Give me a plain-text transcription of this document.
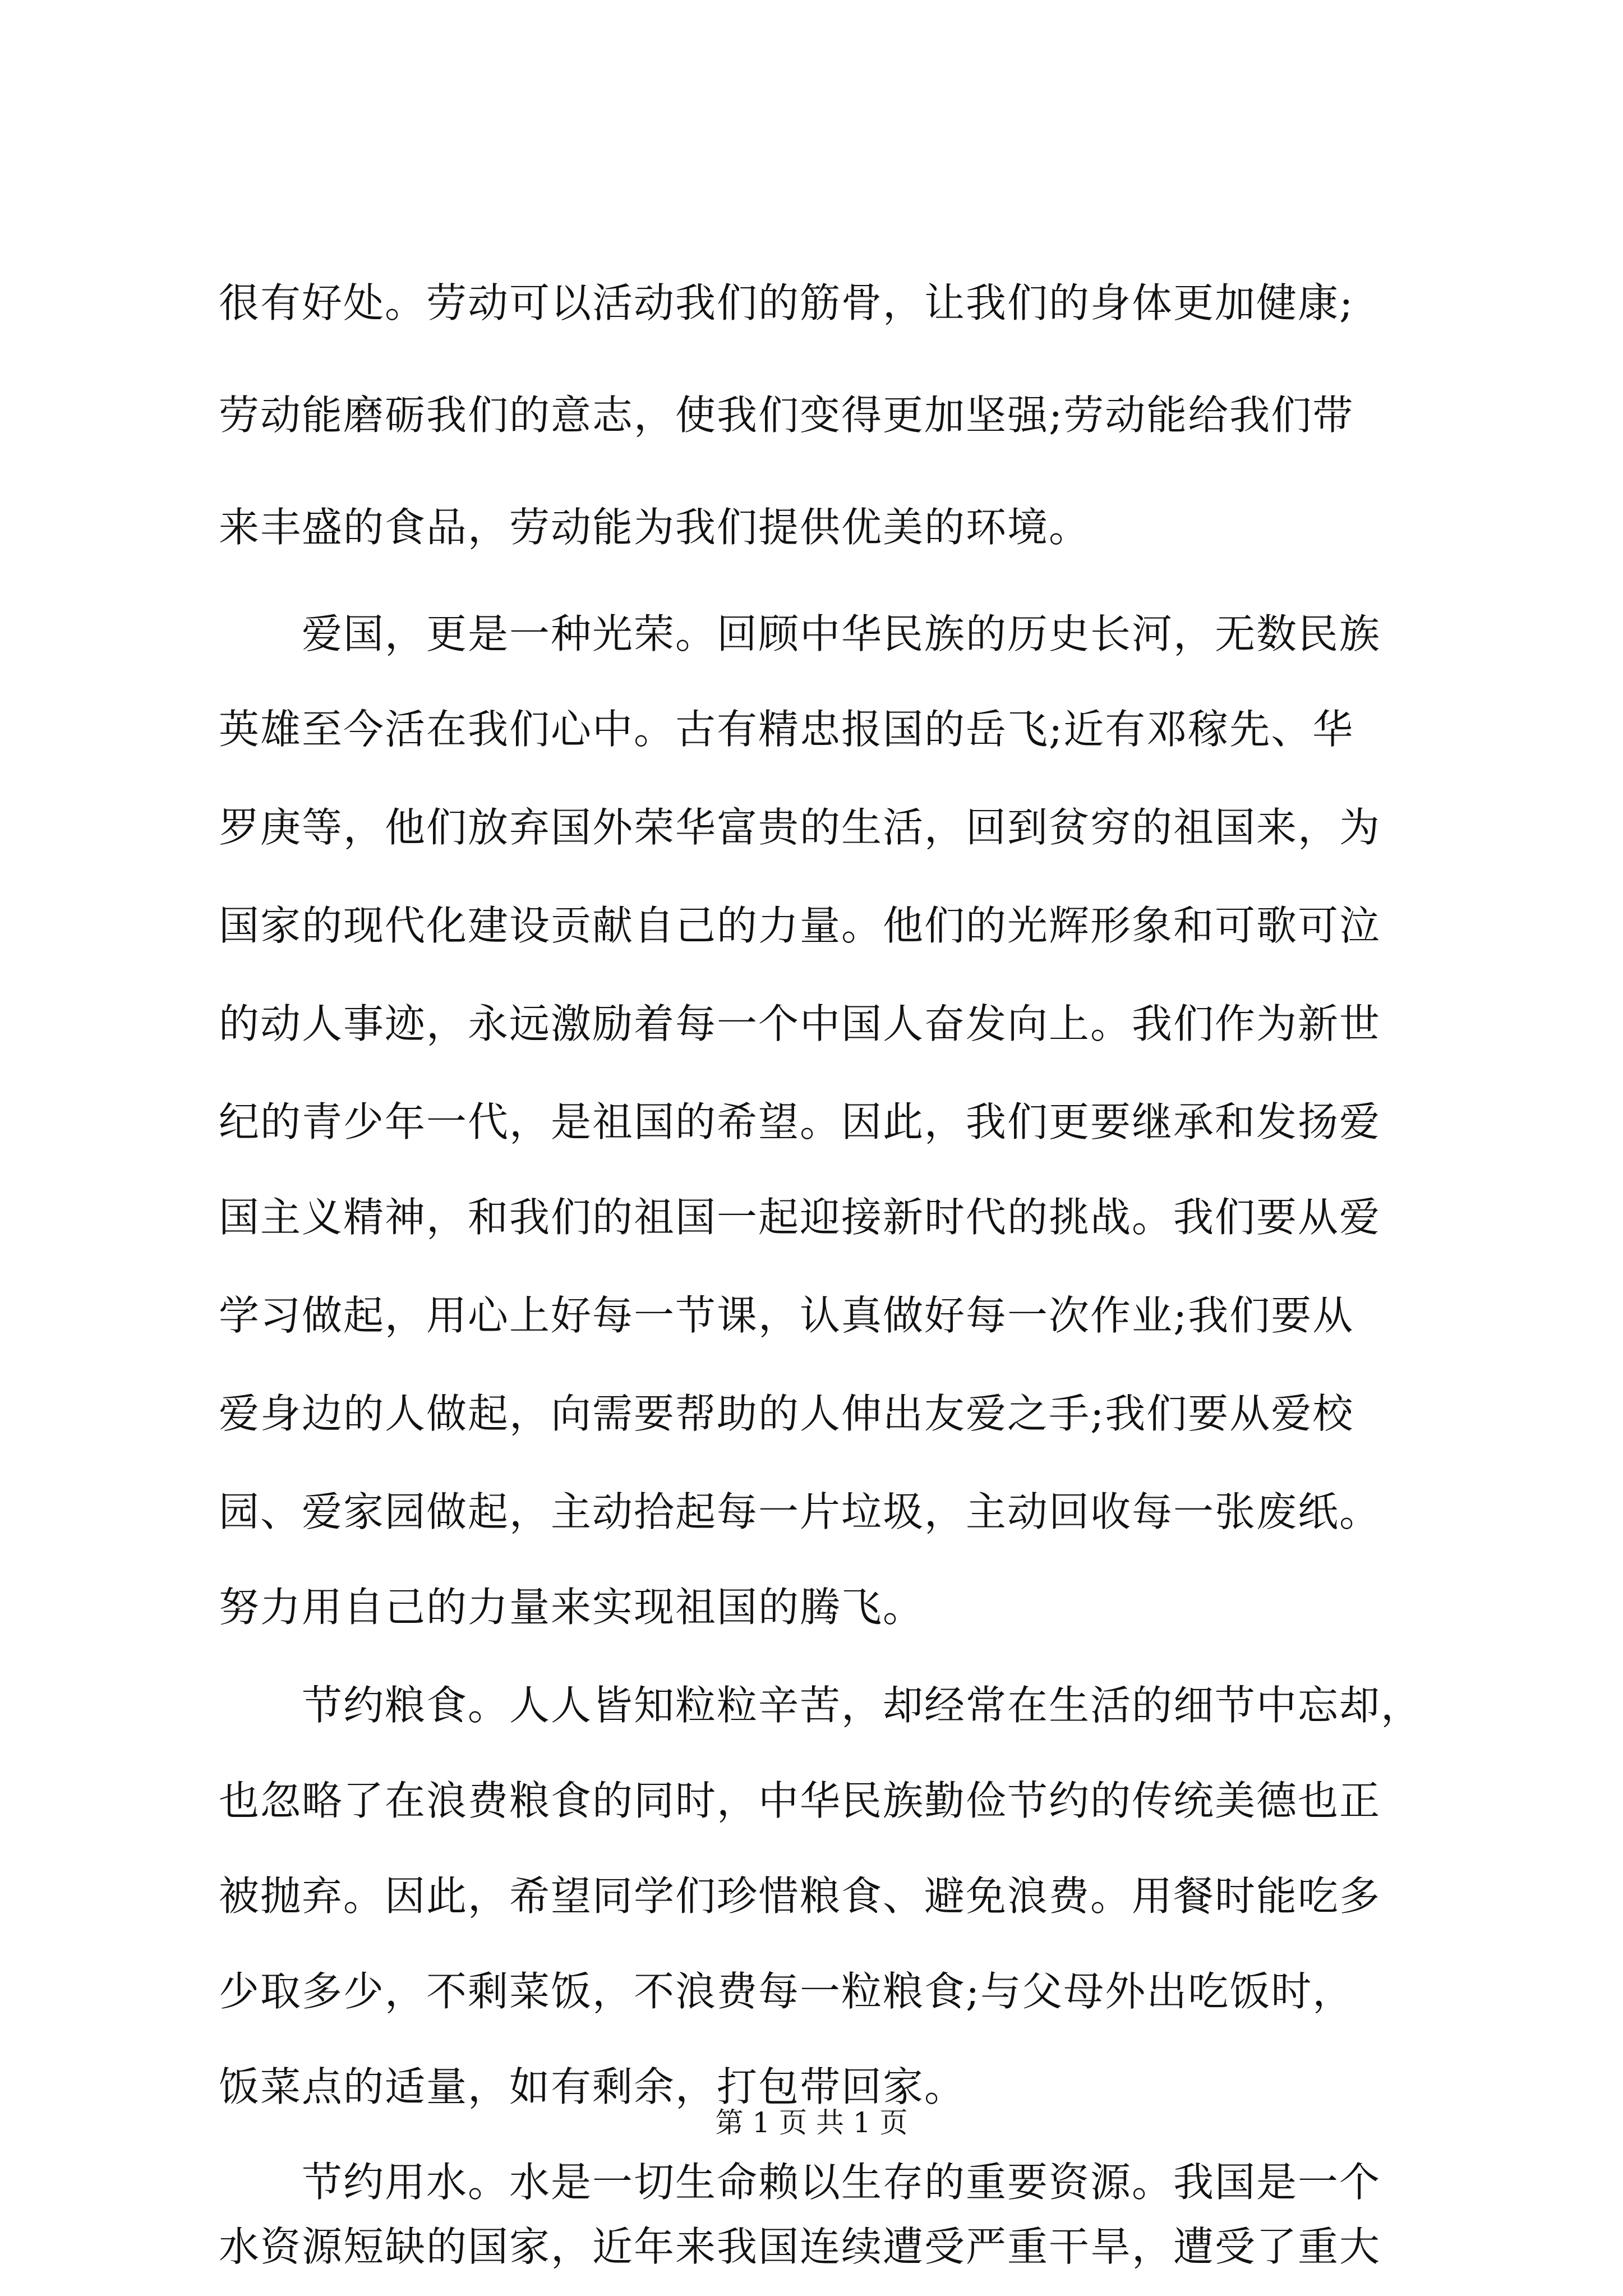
很有好处。劳动可以活动我们的筋骨，让我们的身体更加健康;
劳动能磨砺我们的意志，使我们变得更加坚强;劳动能给我们带
来丰盛的食品，劳动能为我们提供优美的环境。
　　爱国，更是一种光荣。回顾中华民族的历史长河，无数民族
英雄至今活在我们心中。古有精忠报国的岳飞;近有邓稼先、华
罗庚等，他们放弃国外荣华富贵的生活，回到贫穷的祖国来，为
国家的现代化建设贡献自己的力量。他们的光辉形象和可歌可泣
的动人事迹，永远激励着每一个中国人奋发向上。我们作为新世
纪的青少年一代，是祖国的希望。因此，我们更要继承和发扬爱
国主义精神，和我们的祖国一起迎接新时代的挑战。我们要从爱
学习做起，用心上好每一节课，认真做好每一次作业;我们要从
爱身边的人做起，向需要帮助的人伸出友爱之手;我们要从爱校
园、爱家园做起，主动拾起每一片垃圾，主动回收每一张废纸。
努力用自己的力量来实现祖国的腾飞。
　　节约粮食。人人皆知粒粒辛苦，却经常在生活的细节中忘却，
也忽略了在浪费粮食的同时，中华民族勤俭节约的传统美德也正
被抛弃。因此，希望同学们珍惜粮食、避免浪费。用餐时能吃多
少取多少，不剩菜饭，不浪费每一粒粮食;与父母外出吃饭时，
饭菜点的适量，如有剩余，打包带回家。
　　节约用水。水是一切生命赖以生存的重要资源。我国是一个
水资源短缺的国家，近年来我国连续遭受严重干旱，遭受了重大
第 1 页 共 1 页
